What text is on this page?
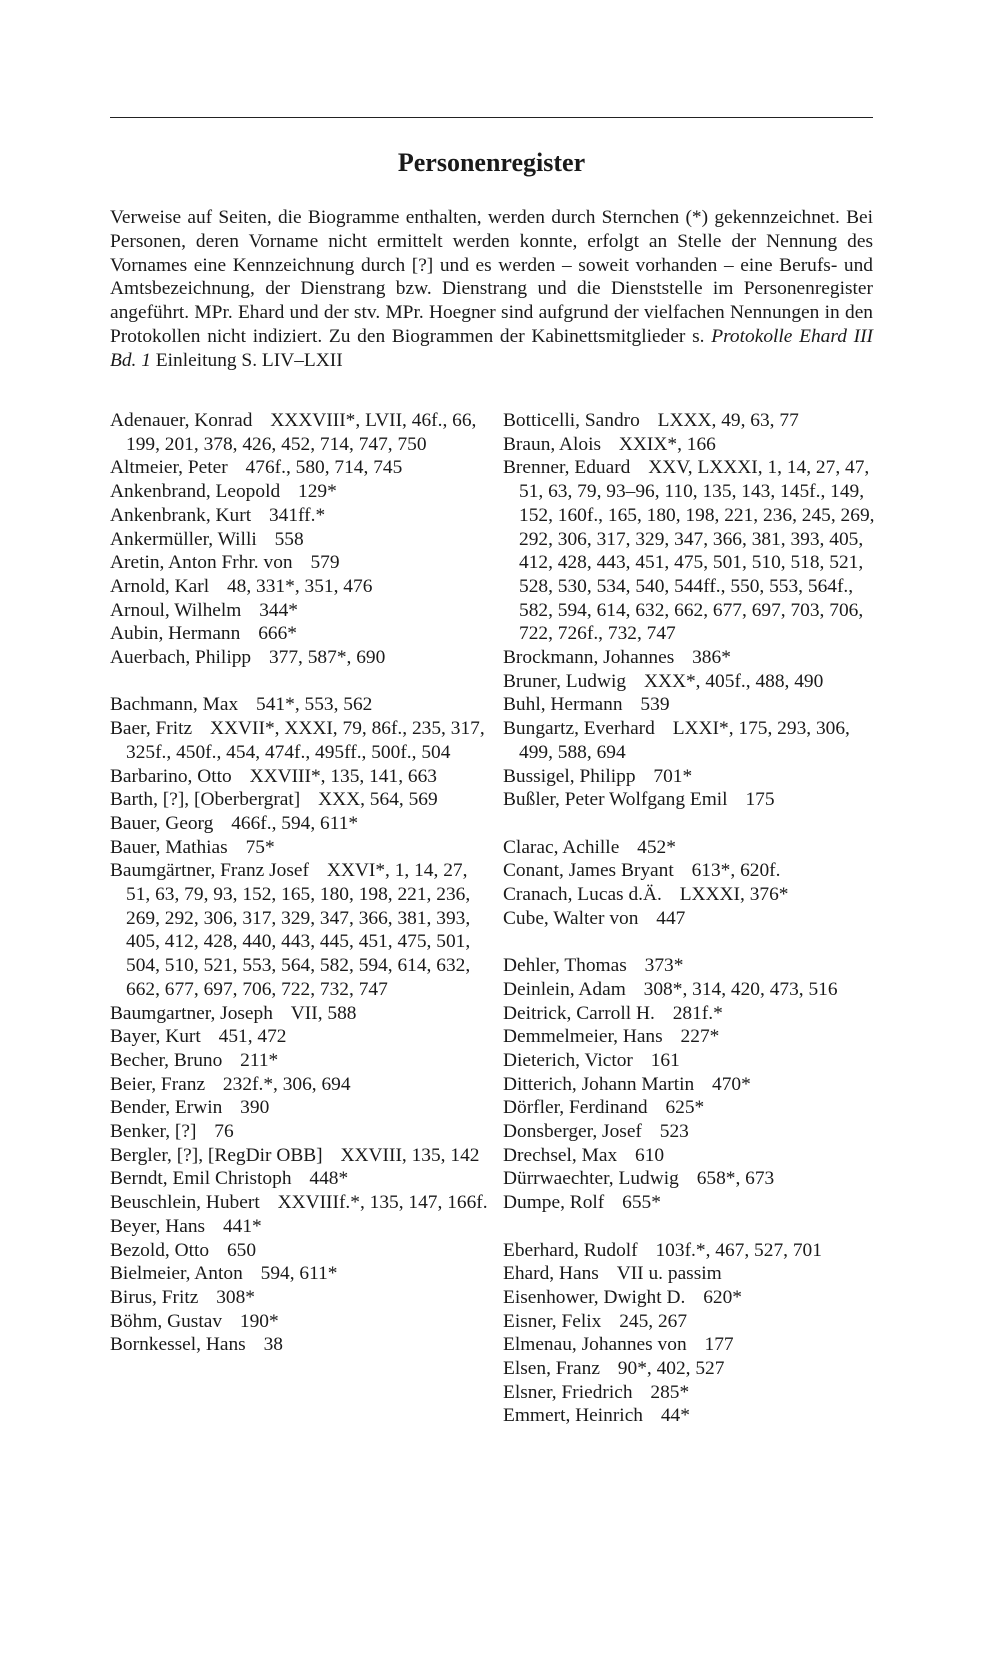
Personenregister

Verweise auf Seiten, die Biogramme enthalten, werden durch Sternchen (*) gekennzeichnet. Bei Personen, deren Vorname nicht ermittelt werden konnte, erfolgt an Stelle der Nennung des Vornames eine Kennzeichnung durch [?] und es werden – soweit vorhanden – eine Berufs- und Amtsbezeichnung, der Dienstrang bzw. Dienstrang und die Dienststelle im Personenregister angeführt. MPr. Ehard und der stv. MPr. Hoegner sind aufgrund der vielfachen Nennungen in den Protokollen nicht indiziert. Zu den Biogrammen der Kabinettsmitglieder s. Protokolle Ehard III Bd. 1 Einleitung S. LIV–LXII

Adenauer, Konrad XXXVIII*, LVII, 46f., 66, 199, 201, 378, 426, 452, 714, 747, 750
Altmeier, Peter 476f., 580, 714, 745
Ankenbrand, Leopold 129*
Ankenbrank, Kurt 341ff.*
Ankermüller, Willi 558
Aretin, Anton Frhr. von 579
Arnold, Karl 48, 331*, 351, 476
Arnoul, Wilhelm 344*
Aubin, Hermann 666*
Auerbach, Philipp 377, 587*, 690
Bachmann, Max 541*, 553, 562
Baer, Fritz XXVII*, XXXI, 79, 86f., 235, 317, 325f., 450f., 454, 474f., 495ff., 500f., 504
Barbarino, Otto XXVIII*, 135, 141, 663
Barth, [?], [Oberbergrat] XXX, 564, 569
Bauer, Georg 466f., 594, 611*
Bauer, Mathias 75*
Baumgärtner, Franz Josef XXVI*, 1, 14, 27, 51, 63, 79, 93, 152, 165, 180, 198, 221, 236, 269, 292, 306, 317, 329, 347, 366, 381, 393, 405, 412, 428, 440, 443, 445, 451, 475, 501, 504, 510, 521, 553, 564, 582, 594, 614, 632, 662, 677, 697, 706, 722, 732, 747
Baumgartner, Joseph VII, 588
Bayer, Kurt 451, 472
Becher, Bruno 211*
Beier, Franz 232f.*, 306, 694
Bender, Erwin 390
Benker, [?] 76
Bergler, [?], [RegDir OBB] XXVIII, 135, 142
Berndt, Emil Christoph 448*
Beuschlein, Hubert XXVIIIf.*, 135, 147, 166f.
Beyer, Hans 441*
Bezold, Otto 650
Bielmeier, Anton 594, 611*
Birus, Fritz 308*
Böhm, Gustav 190*
Bornkessel, Hans 38
Botticelli, Sandro LXXX, 49, 63, 77
Braun, Alois XXIX*, 166
Brenner, Eduard XXV, LXXXI, 1, 14, 27, 47, 51, 63, 79, 93–96, 110, 135, 143, 145f., 149, 152, 160f., 165, 180, 198, 221, 236, 245, 269, 292, 306, 317, 329, 347, 366, 381, 393, 405, 412, 428, 443, 451, 475, 501, 510, 518, 521, 528, 530, 534, 540, 544ff., 550, 553, 564f., 582, 594, 614, 632, 662, 677, 697, 703, 706, 722, 726f., 732, 747
Brockmann, Johannes 386*
Bruner, Ludwig XXX*, 405f., 488, 490
Buhl, Hermann 539
Bungartz, Everhard LXXI*, 175, 293, 306, 499, 588, 694
Bussigel, Philipp 701*
Bußler, Peter Wolfgang Emil 175
Clarac, Achille 452*
Conant, James Bryant 613*, 620f.
Cranach, Lucas d.Ä. LXXXI, 376*
Cube, Walter von 447
Dehler, Thomas 373*
Deinlein, Adam 308*, 314, 420, 473, 516
Deitrick, Carroll H. 281f.*
Demmelmeier, Hans 227*
Dieterich, Victor 161
Ditterich, Johann Martin 470*
Dörfler, Ferdinand 625*
Donsberger, Josef 523
Drechsel, Max 610
Dürrwaechter, Ludwig 658*, 673
Dumpe, Rolf 655*
Eberhard, Rudolf 103f.*, 467, 527, 701
Ehard, Hans VII u. passim
Eisenhower, Dwight D. 620*
Eisner, Felix 245, 267
Elmenau, Johannes von 177
Elsen, Franz 90*, 402, 527
Elsner, Friedrich 285*
Emmert, Heinrich 44*
